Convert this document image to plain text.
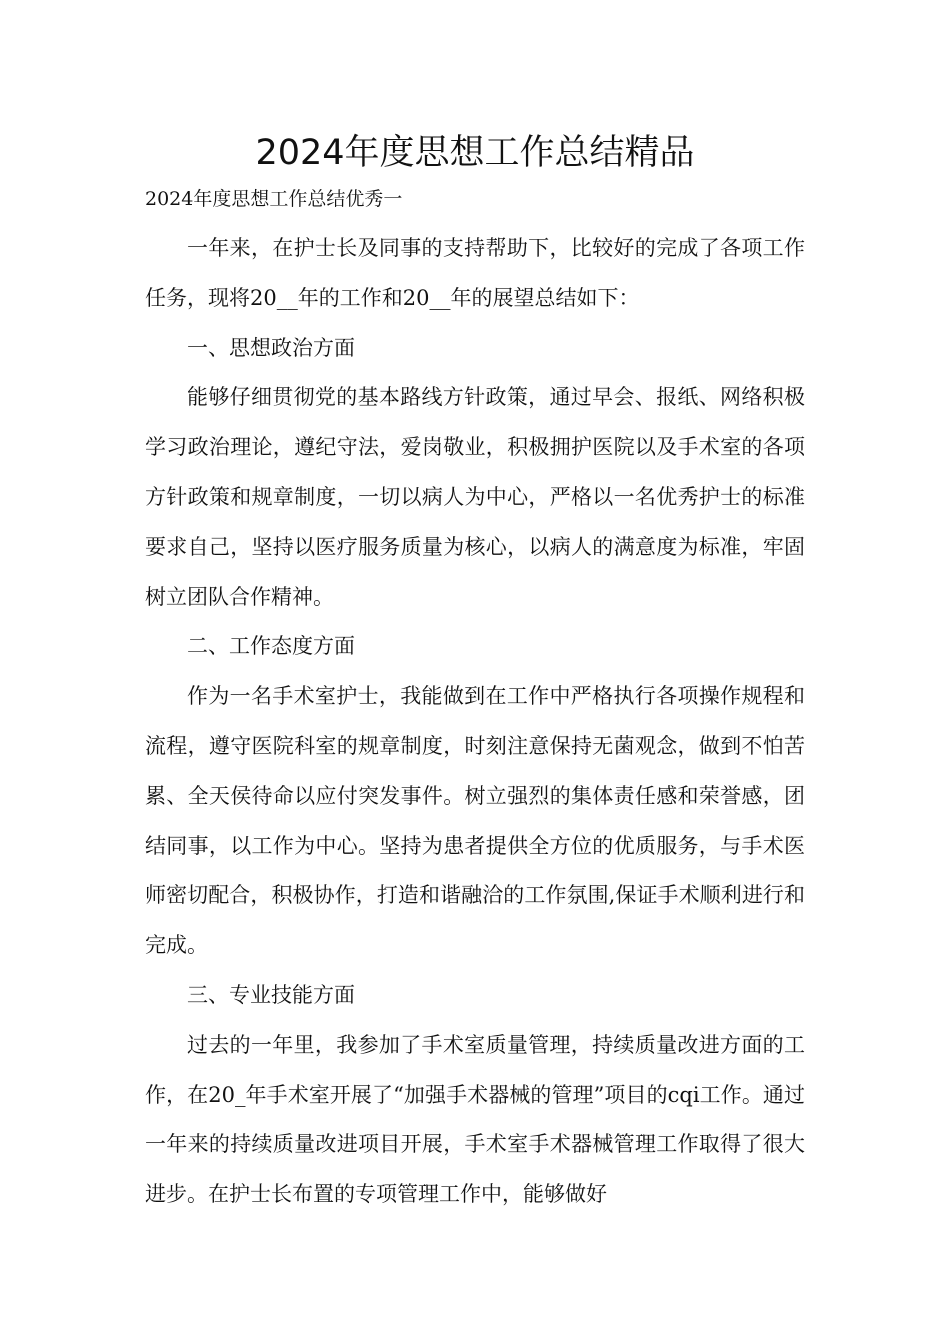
2024年度思想工作总结精品
2024年度思想工作总结优秀一

一年来，在护士长及同事的支持帮助下，比较好的完成了各项工作任务，现将20__年的工作和20__年的展望总结如下：

一、思想政治方面

能够仔细贯彻党的基本路线方针政策，通过早会、报纸、网络积极学习政治理论，遵纪守法，爱岗敬业，积极拥护医院以及手术室的各项方针政策和规章制度，一切以病人为中心，严格以一名优秀护士的标准要求自己，坚持以医疗服务质量为核心，以病人的满意度为标准，牢固树立团队合作精神。

二、工作态度方面

作为一名手术室护士，我能做到在工作中严格执行各项操作规程和流程，遵守医院科室的规章制度，时刻注意保持无菌观念，做到不怕苦累、全天侯待命以应付突发事件。树立强烈的集体责任感和荣誉感，团结同事，以工作为中心。坚持为患者提供全方位的优质服务，与手术医师密切配合，积极协作，打造和谐融洽的工作氛围,保证手术顺利进行和完成。

三、专业技能方面

过去的一年里，我参加了手术室质量管理，持续质量改进方面的工作，在20_年手术室开展了“加强手术器械的管理”项目的cqi工作。通过一年来的持续质量改进项目开展，手术室手术器械管理工作取得了很大进步。在护士长布置的专项管理工作中，能够做好
